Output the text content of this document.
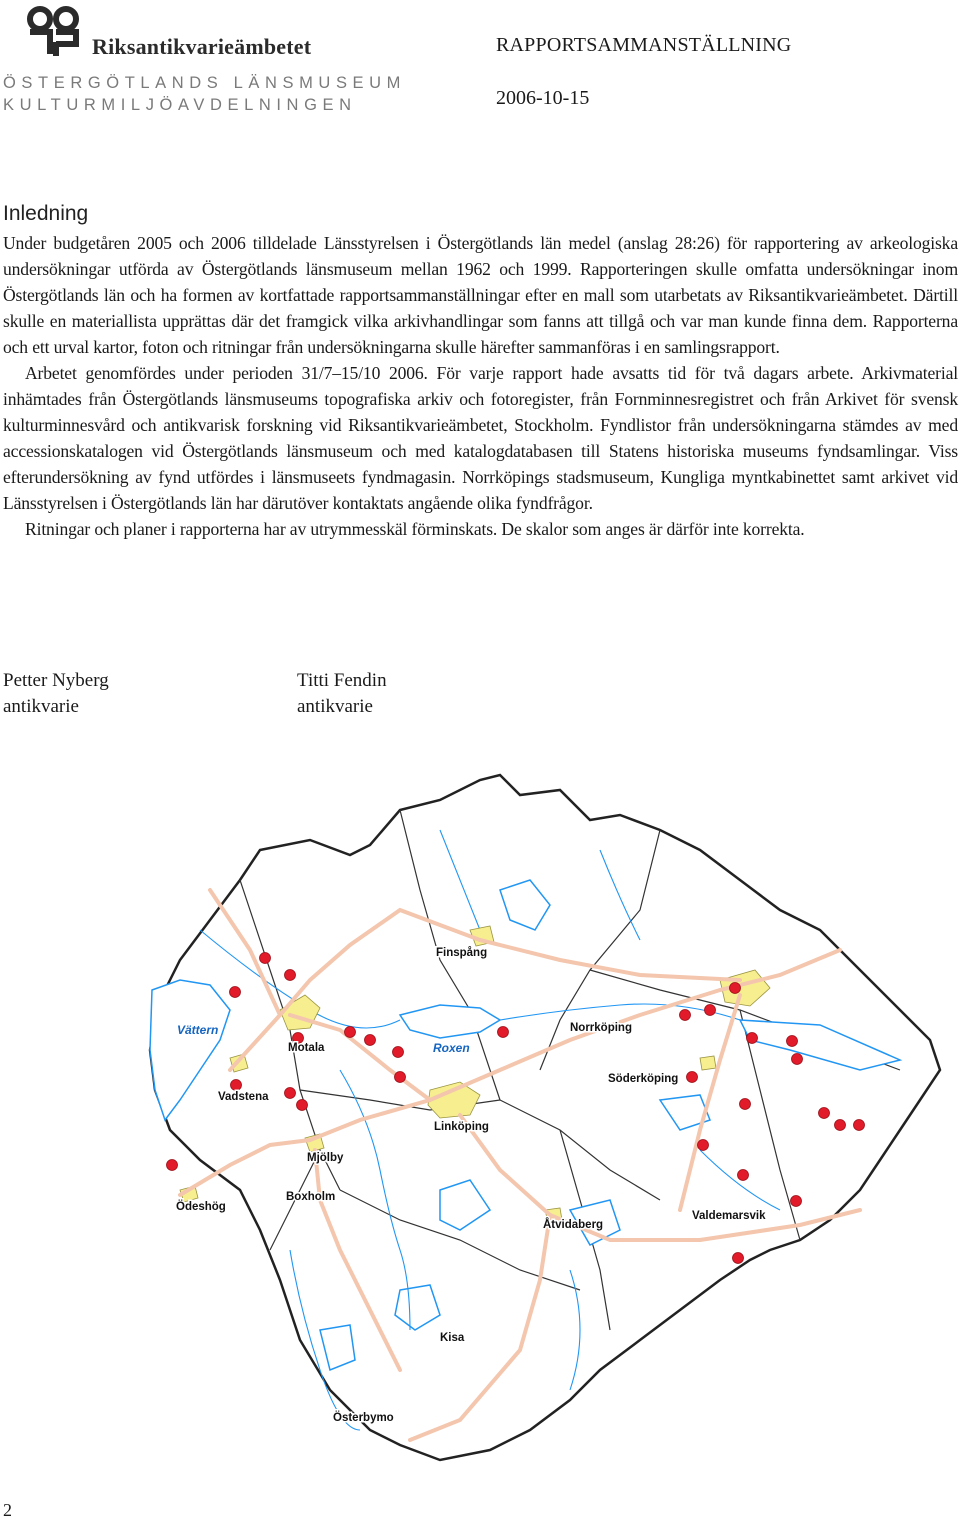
Riksantikvarieämbetet
ÖSTERGÖTLANDS LÄNSMUSEUM
KULTURMILJÖAVDELNINGEN
RAPPORTSAMMANSTÄLLNING
2006-10-15
Inledning

Under budgetåren 2005 och 2006 tilldelade Länsstyrelsen i Östergötlands län medel (anslag 28:26) för rapportering av arkeologiska undersökningar utförda av Östergötlands länsmuseum mellan 1962 och 1999. Rapporteringen skulle omfatta undersökningar inom Östergötlands län och ha formen av kortfattade rapportsammanställningar efter en mall som utarbetats av Riksantikvarieämbetet. Därtill skulle en materiallista upprättas där det framgick vilka arkivhandlingar som fanns att tillgå och var man kunde finna dem. Rapporterna och ett urval kartor, foton och ritningar från undersökningarna skulle härefter sammanföras i en samlingsrapport.

Arbetet genomfördes under perioden 31/7–15/10 2006. För varje rapport hade avsatts tid för två dagars arbete. Arkivmaterial inhämtades från Östergötlands länsmuseums topografiska arkiv och fotoregister, från Fornminnesregistret och från Arkivet för svensk kulturminnesvård och antikvarisk forskning vid Riksantikvarieämbetet, Stockholm. Fyndlistor från undersökningarna stämdes av med accessionskatalogen vid Östergötlands länsmuseum och med katalogdatabasen till Statens historiska museums fyndsamlingar. Viss efterundersökning av fynd utfördes i länsmuseets fyndmagasin. Norrköpings stadsmuseum, Kungliga myntkabinettet samt arkivet vid Länsstyrelsen i Östergötlands län har därutöver kontaktats angående olika fyndfrågor.

Ritningar och planer i rapporterna har av utrymmesskäl förminskats. De skalor som anges är därför inte korrekta.

Petter Nyberg
antikvarie
Titti Fendin
antikvarie
Finspång
Norrköping
Motala	Roxen
Vättern
Söderköping
Vadstena
Linköping
Mjölby
Boxholm
Ödeshög
Valdemarsvik
Åtvidaberg
Kisa
Österbymo
2
